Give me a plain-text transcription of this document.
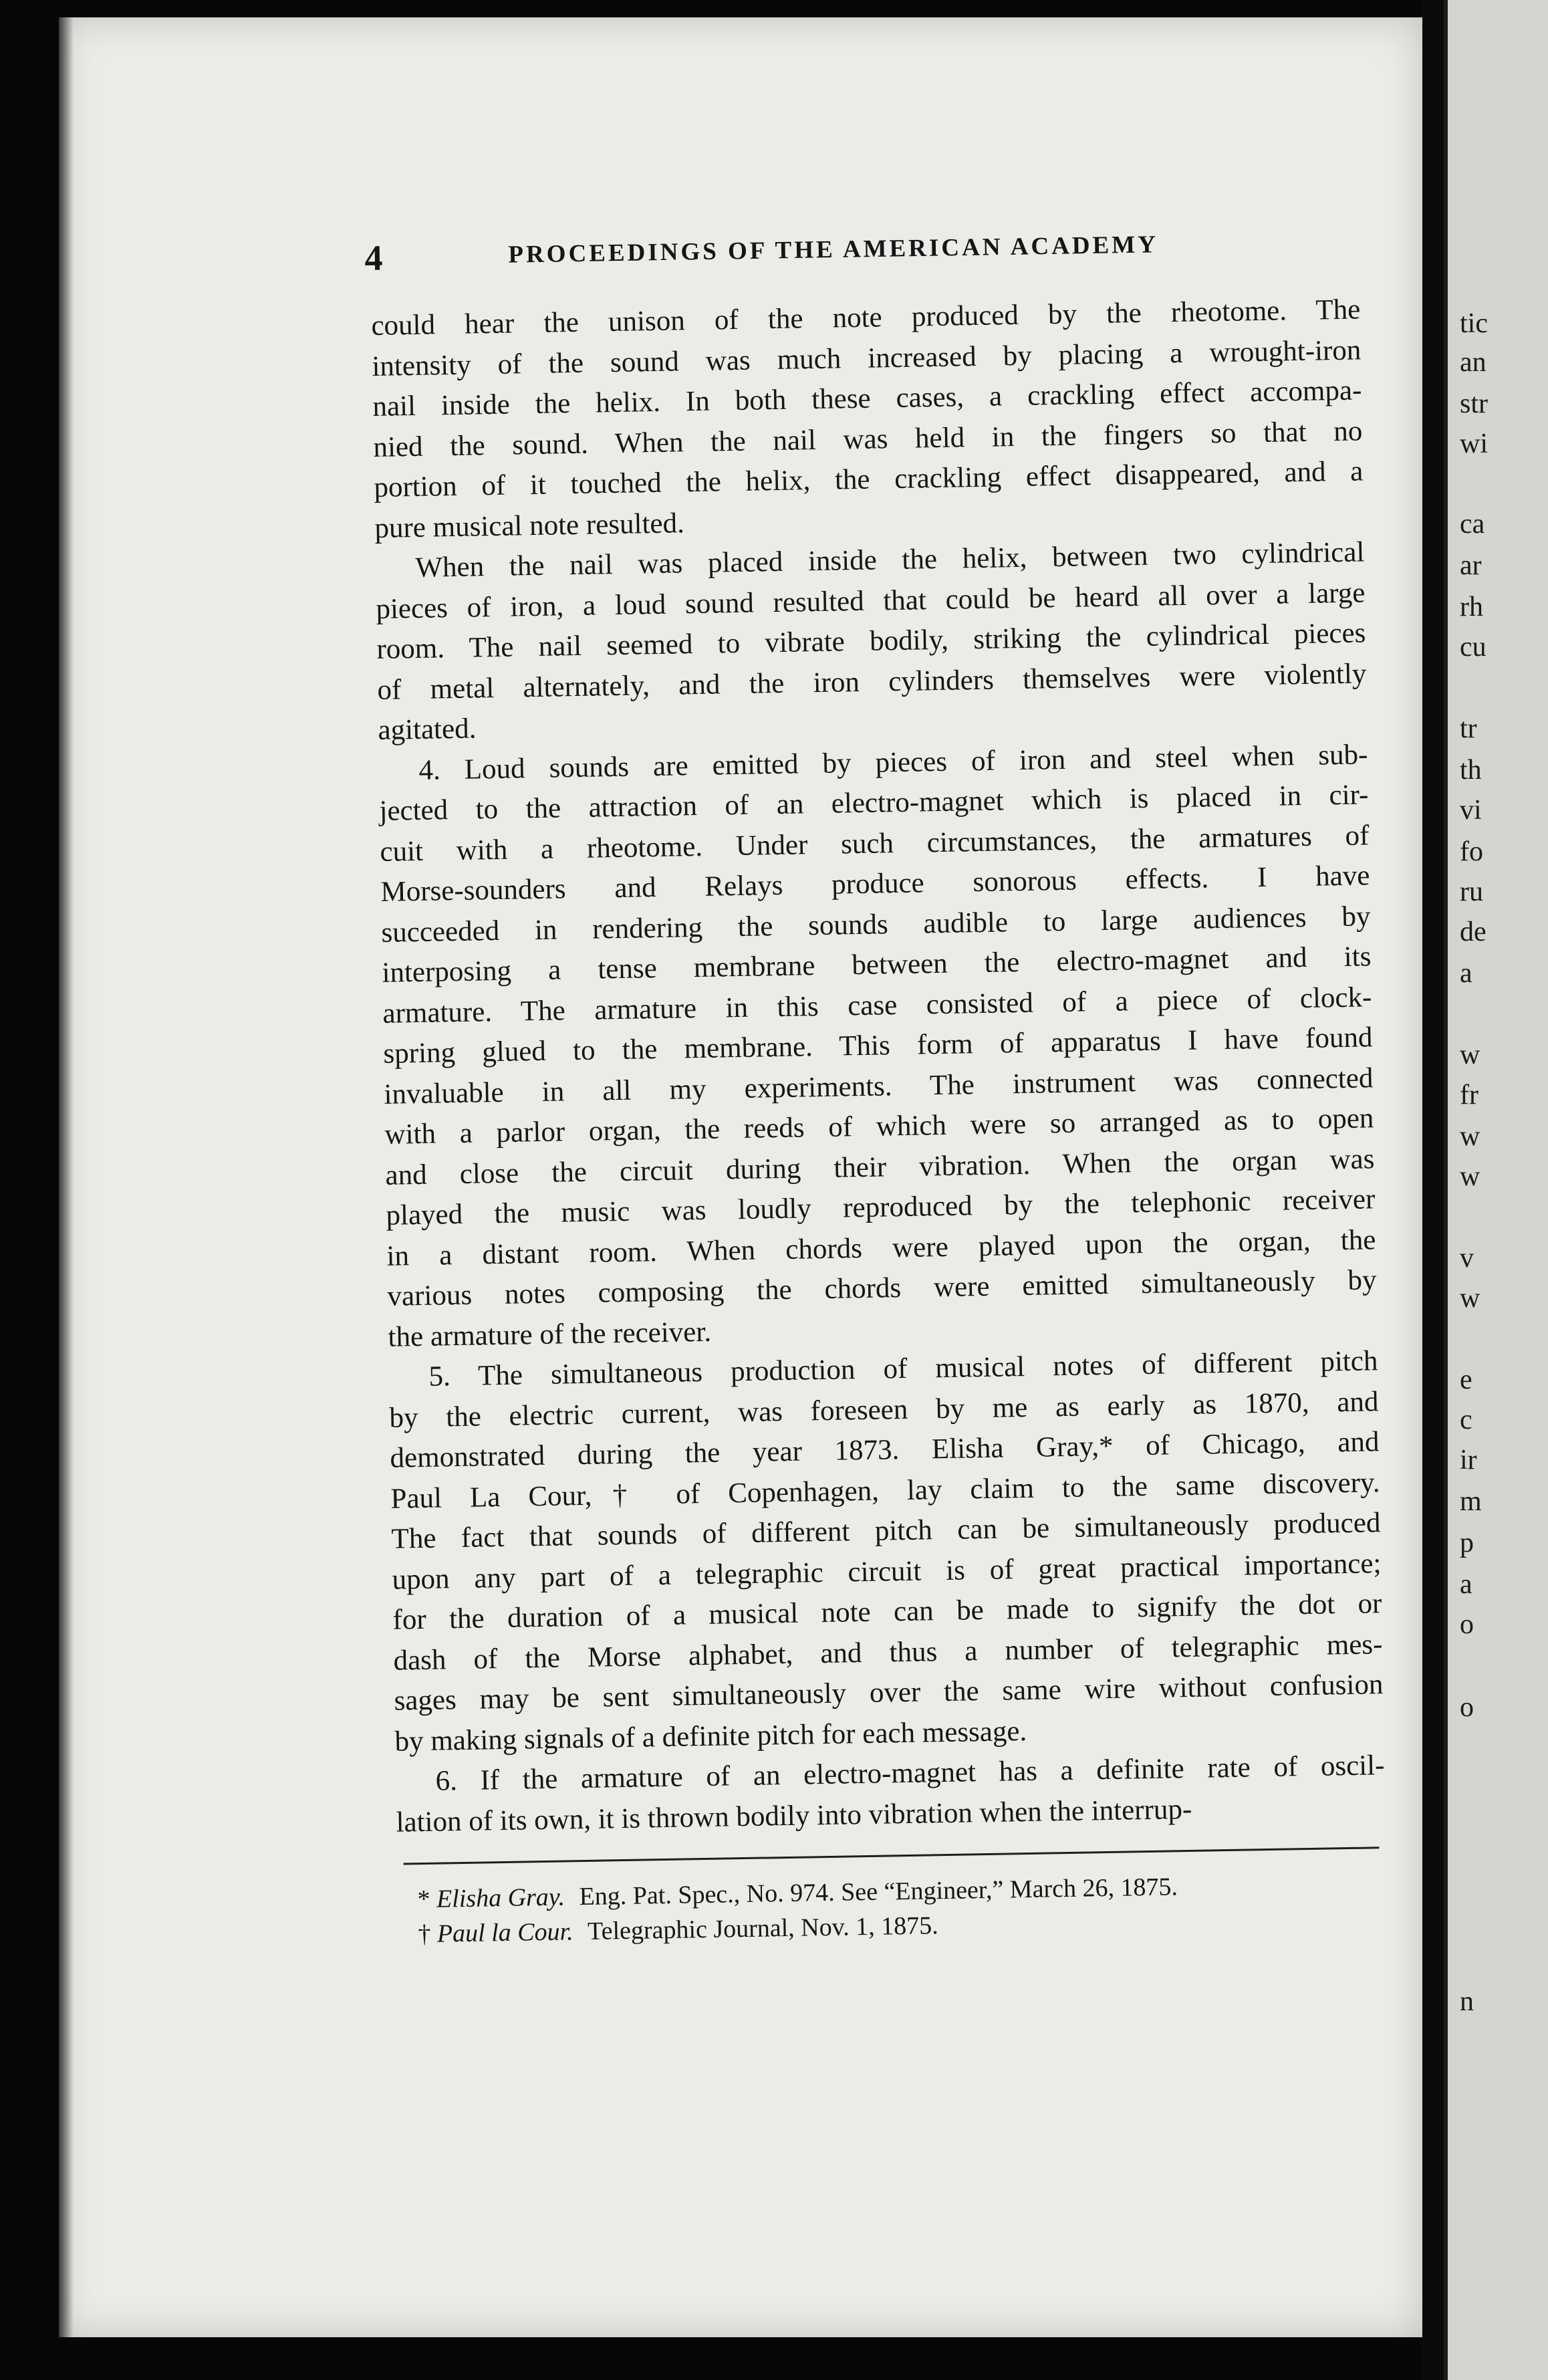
4	PROCEEDINGS OF THE AMERICAN ACADEMY
could hear the unison of the note produced by the rheotome. The
intensity of the sound was much increased by placing a wrought-iron
nail inside the helix. In both these cases, a crackling effect accompa-
nied the sound. When the nail was held in the fingers so that no
portion of it touched the helix, the crackling effect disappeared, and a
pure musical note resulted.
When the nail was placed inside the helix, between two cylindrical
pieces of iron, a loud sound resulted that could be heard all over a large
room. The nail seemed to vibrate bodily, striking the cylindrical pieces
of metal alternately, and the iron cylinders themselves were violently
agitated.
4. Loud sounds are emitted by pieces of iron and steel when sub-
jected to the attraction of an electro-magnet which is placed in cir-
cuit with a rheotome. Under such circumstances, the armatures of
Morse-sounders and Relays produce sonorous effects. I have
succeeded in rendering the sounds audible to large audiences by
interposing a tense membrane between the electro-magnet and its
armature. The armature in this case consisted of a piece of clock-
spring glued to the membrane. This form of apparatus I have found
invaluable in all my experiments. The instrument was connected
with a parlor organ, the reeds of which were so arranged as to open
and close the circuit during their vibration. When the organ was
played the music was loudly reproduced by the telephonic receiver
in a distant room. When chords were played upon the organ, the
various notes composing the chords were emitted simultaneously by
the armature of the receiver.
5. The simultaneous production of musical notes of different pitch
by the electric current, was foreseen by me as early as 1870, and
demonstrated during the year 1873. Elisha Gray,* of Chicago, and
Paul La Cour,† of Copenhagen, lay claim to the same discovery.
The fact that sounds of different pitch can be simultaneously produced
upon any part of a telegraphic circuit is of great practical importance;
for the duration of a musical note can be made to signify the dot or
dash of the Morse alphabet, and thus a number of telegraphic mes-
sages may be sent simultaneously over the same wire without confusion
by making signals of a definite pitch for each message.
6. If the armature of an electro-magnet has a definite rate of oscil-
lation of its own, it is thrown bodily into vibration when the interrup-
* Elisha Gray. Eng. Pat. Spec., No. 974. See “Engineer,” March 26, 1875.
† Paul la Cour. Telegraphic Journal, Nov. 1, 1875.
tic
an
str
wi
ca
ar
rh
cu
tr
th
vi
fo
ru
de
a
w
fr
w
w
v
w
e
c
ir
m
p
a
o
o
n
